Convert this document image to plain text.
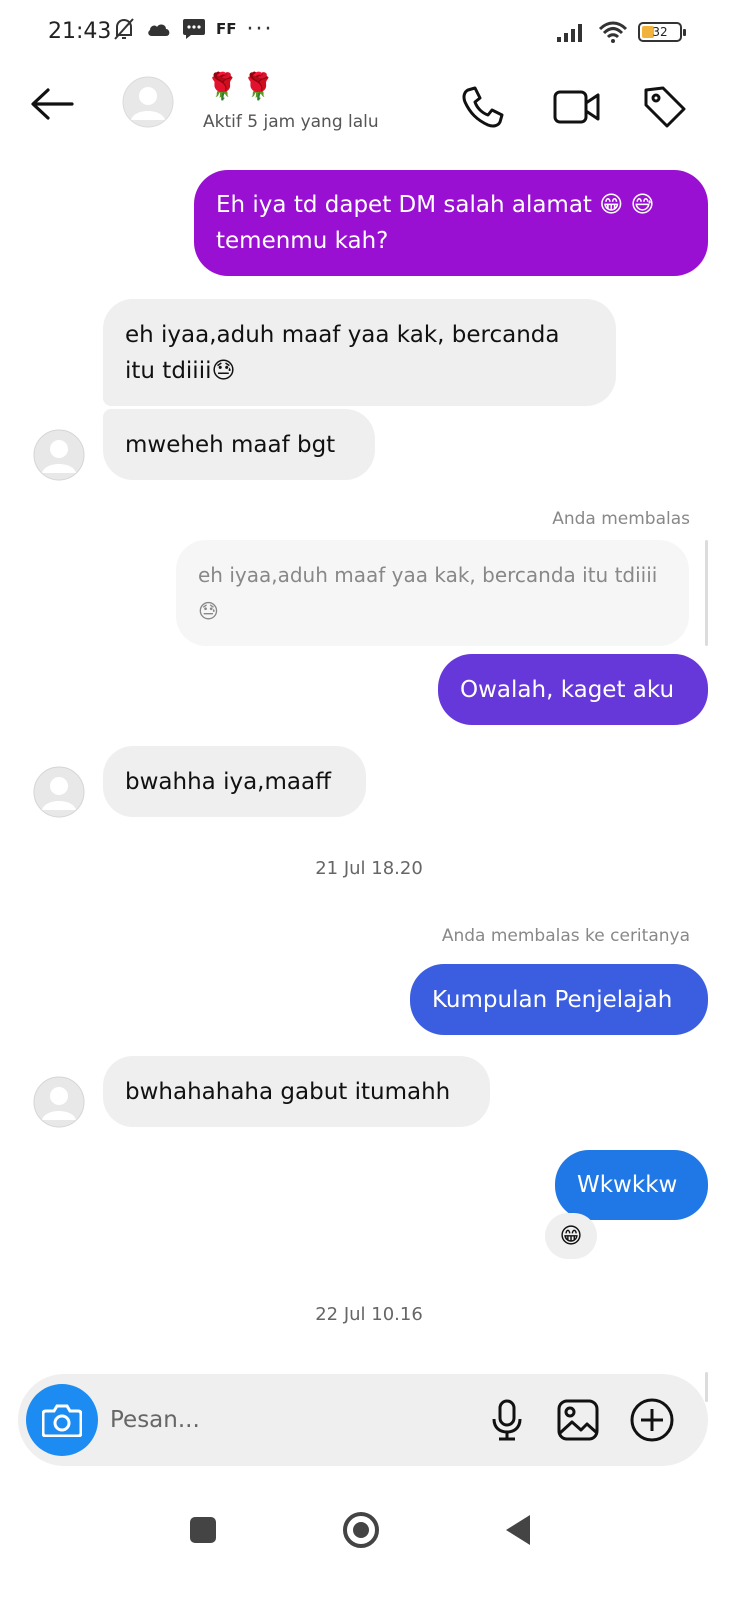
21:43	FF ···	32
🌹🌹
Aktif 5 jam yang lalu
Eh iya td dapet DM salah alamat 😁 😅 temenmu kah?
eh iyaa,aduh maaf yaa kak, bercanda itu tdiiii😓
mweheh maaf bgt
Anda membalas
eh iyaa,aduh maaf yaa kak, bercanda itu tdiiii😓
Owalah, kaget aku
bwahha iya,maaff
21 Jul 18.20
Anda membalas ke ceritanya
Kumpulan Penjelajah
bwhahahaha gabut itumahh
Wkwkkw
😁
22 Jul 10.16
Pesan...
